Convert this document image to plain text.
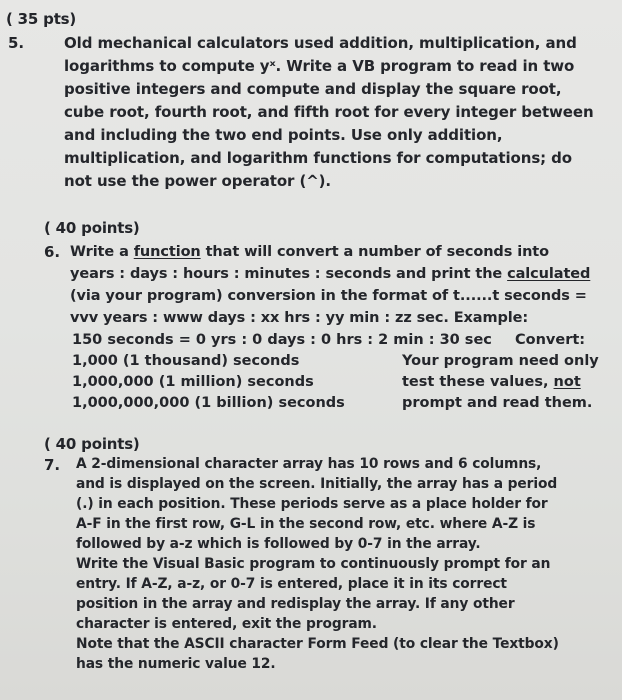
( 35 pts)
5.	Old mechanical calculators used addition, multiplication, and
logarithms to compute yˣ. Write a VB program to read in two
positive integers and compute and display the square root,
cube root, fourth root, and fifth root for every integer between
and including the two end points. Use only addition,
multiplication, and logarithm functions for computations; do
not use the power operator (^).
( 40 points)
6. Write a function that will convert a number of seconds into
years : days : hours : minutes : seconds and print the calculated
(via your program) conversion in the format of t......t seconds =
vvv years : www days : xx hrs : yy min : zz sec. Example:
150 seconds = 0 yrs : 0 days : 0 hrs : 2 min : 30 sec Convert:
1,000 (1 thousand) seconds	Your program need only
1,000,000 (1 million) seconds	test these values, not
1,000,000,000 (1 billion) seconds	prompt and read them.
( 40 points)
7. A 2-dimensional character array has 10 rows and 6 columns,
and is displayed on the screen. Initially, the array has a period
(.) in each position. These periods serve as a place holder for
A-F in the first row, G-L in the second row, etc. where A-Z is
followed by a-z which is followed by 0-7 in the array.
Write the Visual Basic program to continuously prompt for an
entry. If A-Z, a-z, or 0-7 is entered, place it in its correct
position in the array and redisplay the array. If any other
character is entered, exit the program.
Note that the ASCII character Form Feed (to clear the Textbox)
has the numeric value 12.
